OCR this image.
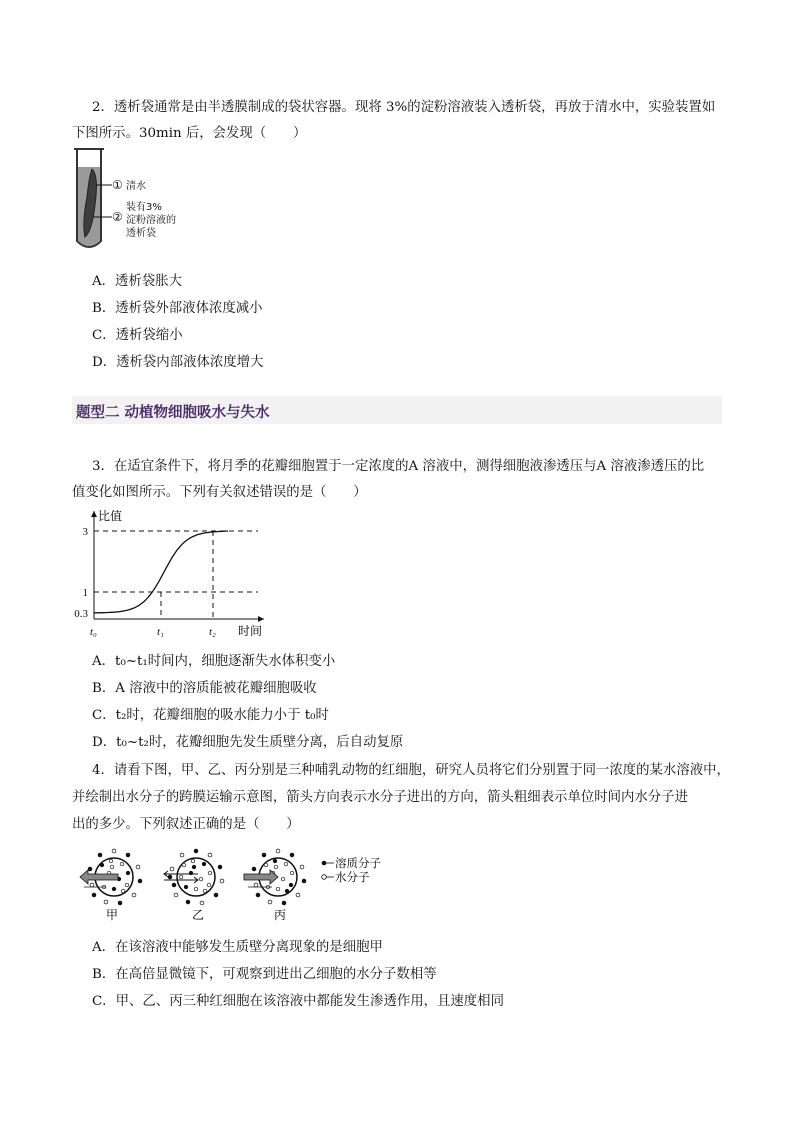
2．透析袋通常是由半透膜制成的袋状容器。现将 3%的淀粉溶液装入透析袋，再放于清水中，实验装置如
下图所示。30min 后，会发现（　　）
① 清水
②
装有3%
淀粉溶液的
透析袋
A．透析袋胀大
B．透析袋外部液体浓度减小
C．透析袋缩小
D．透析袋内部液体浓度增大
题型二 动植物细胞吸水与失水
3．在适宜条件下，将月季的花瓣细胞置于一定浓度的A 溶液中，测得细胞液渗透压与A 溶液渗透压的比
值变化如图所示。下列有关叙述错误的是（　　）
比值
时间
0.3
1
3
t₀	t₁	t₂
A．t₀~t₁时间内，细胞逐渐失水体积变小
B．A 溶液中的溶质能被花瓣细胞吸收
C．t₂时，花瓣细胞的吸水能力小于 t₀时
D．t₀~t₂时，花瓣细胞先发生质壁分离，后自动复原
4．请看下图，甲、乙、丙分别是三种哺乳动物的红细胞，研究人员将它们分别置于同一浓度的某水溶液中，
并绘制出水分子的跨膜运输示意图，箭头方向表示水分子进出的方向，箭头粗细表示单位时间内水分子进
出的多少。下列叙述正确的是（　　）
甲	乙	丙
溶质分子
水分子
A．在该溶液中能够发生质壁分离现象的是细胞甲
B．在高倍显微镜下，可观察到进出乙细胞的水分子数相等
C．甲、乙、丙三种红细胞在该溶液中都能发生渗透作用，且速度相同
